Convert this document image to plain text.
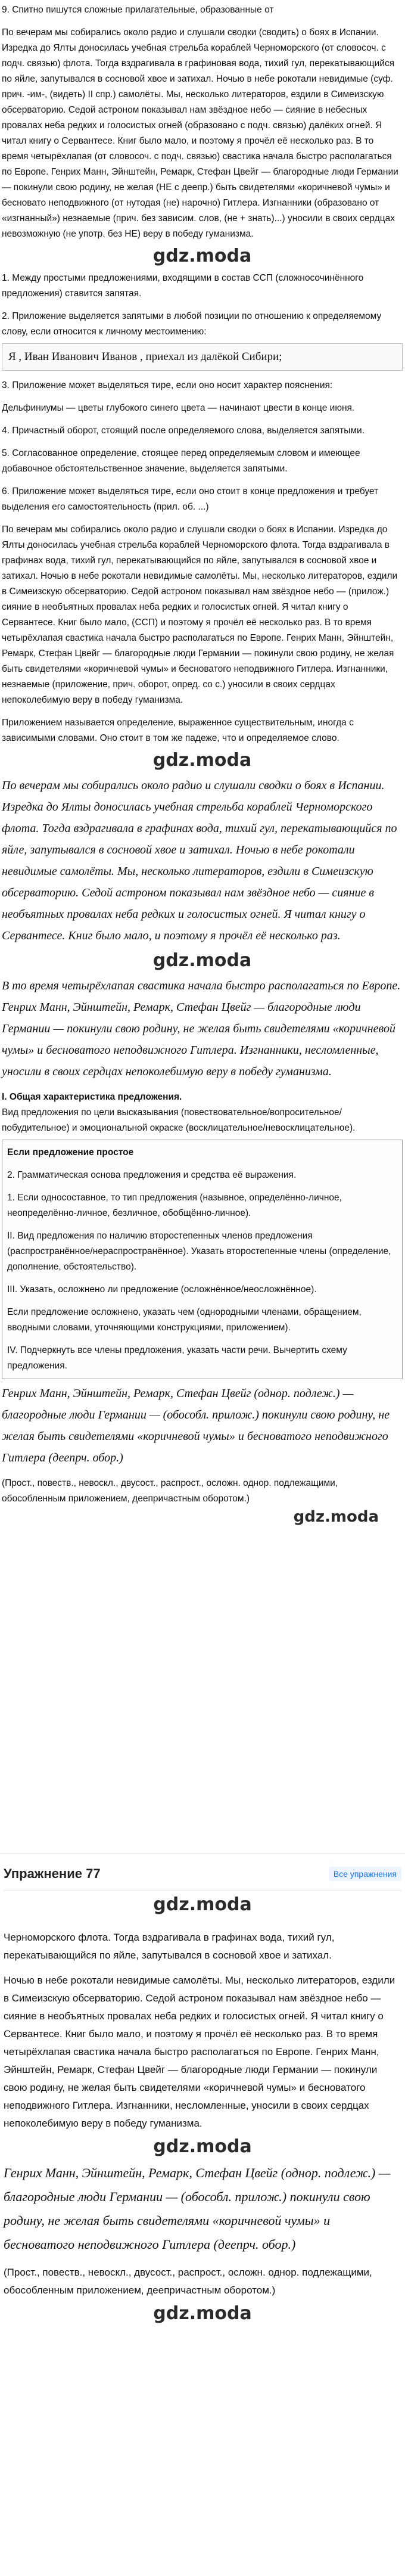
9. Спитно пишутся сложные прилагательные, образованные от

По вечерам мы собирались около радио и слушали сводки (сводить) о боях в Испании. Изредка до Ялты доносилась учебная стрельба кораблей Черноморского (от словосоч. с подч. связью) флота. Тогда вздрагивала в графиновая вода, тихий гул, перекатывающийся по яйле, запутывался в сосновой хвое и затихал. Ночью в небе рокотали невидимые (суф. прич. -им-, (видеть) II спр.) самолёты. Мы, несколько литераторов, ездили в Симеизскую обсерваторию. Седой астроном показывал нам звёздное небо — сияние в небесных провалах неба редких и голосистых огней (образовано с подч. связью) далёких огней. Я читал книгу о Сервантесе. Книг было мало, и поэтому я прочёл её несколько раз. В то время четырёхлапая (от словосоч. с подч. связью) свастика начала быстро располагаться по Европе. Генрих Манн, Эйнштейн, Ремарк, Стефан Цвейг — благородные люди Германии — покинули свою родину, не желая (НЕ с деепр.) быть свидетелями «коричневой чумы» и бесновато неподвижного (от нутодая (не) нарочно) Гитлера. Изгнанники (образовано от «изгнанный») незнаемые (прич. без зависим. слов, (не + знать)...) уносили в своих сердцах невозможную (не употр. без НЕ) веру в победу гуманизма.

gdz.moda

1. Между простыми предложениями, входящими в состав ССП (сложносочинённого предложения) ставится запятая.

2. Приложение выделяется запятыми в любой позиции по отношению к определяемому слову, если относится к личному местоимению:

Я , Иван Иванович Иванов , приехал из далёкой Сибири;

3. Приложение может выделяться тире, если оно носит характер пояснения:

Дельфиниумы — цветы глубокого синего цвета — начинают цвести в конце июня.

4. Причастный оборот, стоящий после определяемого слова, выделяется запятыми.

5. Согласованное определение, стоящее перед определяемым словом и имеющее добавочное обстоятельственное значение, выделяется запятыми.

6. Приложение может выделяться тире, если оно стоит в конце предложения и требует выделения его самостоятельность (прил. об. ...)

По вечерам мы собирались около радио и слушали сводки о боях в Испании. Изредка до Ялты доносилась учебная стрельба кораблей Черноморского флота. Тогда вздрагивала в графинах вода, тихий гул, перекатывающийся по яйле, запутывался в сосновой хвое и затихал. Ночью в небе рокотали невидимые самолёты. Мы, несколько литераторов, ездили в Симеизскую обсерваторию. Седой астроном показывал нам звёздное небо — (прилож.) сияние в необъятных провалах неба редких и голосистых огней. Я читал книгу о Сервантесе. Книг было мало, (ССП) и поэтому я прочёл её несколько раз. В то время четырёхлапая свастика начала быстро располагаться по Европе. Генрих Манн, Эйнштейн, Ремарк, Стефан Цвейг — благородные люди Германии — покинули свою родину, не желая быть свидетелями «коричневой чумы» и бесноватого неподвижного Гитлера. Изгнанники, незнаемые (приложение, прич. оборот, опред. со с.) уносили в своих сердцах непоколебимую веру в победу гуманизма.

Приложением называется определение, выраженное существительным, иногда с зависимыми словами. Оно стоит в том же падеже, что и определяемое слово.

gdz.moda

По вечерам мы собирались около радио и слушали сводки о боях в Испании. Изредка до Ялты доносилась учебная стрельба кораблей Черноморского флота. Тогда вздрагивала в графинах вода, тихий гул, перекатывающийся по яйле, запутывался в сосновой хвое и затихал. Ночью в небе рокотали невидимые самолёты. Мы, несколько литераторов, ездили в Симеизскую обсерваторию. Седой астроном показывал нам звёздное небо — сияние в необъятных провалах неба редких и голосистых огней. Я читал книгу о Сервантесе. Книг было мало, и поэтому я прочёл её несколько раз.

gdz.moda

В то время четырёхлапая свастика начала быстро располагаться по Европе. Генрих Манн, Эйнштейн, Ремарк, Стефан Цвейг — благородные люди Германии — покинули свою родину, не желая быть свидетелями «коричневой чумы» и бесноватого неподвижного Гитлера. Изгнанники, несломленные, уносили в своих сердцах непоколебимую веру в победу гуманизма.

I. Общая характеристика предложения.

Вид предложения по цели высказывания (повествовательное/вопросительное/побудительное) и эмоциональной окраске (восклицательное/невосклицательное).

Если предложение простое

2. Грамматическая основа предложения и средства её выражения.

1. Если односоставное, то тип предложения (назывное, определённо-личное, неопределённо-личное, безличное, обобщённо-личное).

II. Вид предложения по наличию второстепенных членов предложения (распространённое/нераспространённое). Указать второстепенные члены (определение, дополнение, обстоятельство).

III. Указать, осложнено ли предложение (осложнённое/неосложнённое).

Если предложение осложнено, указать чем (однородными членами, обращением, вводными словами, уточняющими конструкциями, приложением).

IV. Подчеркнуть все члены предложения, указать части речи. Вычертить схему предложения.

Генрих Манн, Эйнштейн, Ремарк, Стефан Цвейг (однор. подлеж.) — благородные люди Германии — (обособл. прилож.) покинули свою родину, не желая быть свидетелями «коричневой чумы» и бесноватого неподвижного Гитлера (деепрч. обор.)

(Прост., повеств., невоскл., двусост., распрост., осложн. однор. подлежащими, обособленным приложением, деепричастным оборотом.)

gdz.moda
Упражнение 77	Все упражнения
gdz.moda

Черноморского флота. Тогда вздрагивала в графинах вода, тихий гул, перекатывающийся по яйле, запутывался в сосновой хвое и затихал.

Ночью в небе рокотали невидимые самолёты. Мы, несколько литераторов, ездили в Симеизскую обсерваторию. Седой астроном показывал нам звёздное небо — сияние в необъятных провалах неба редких и голосистых огней. Я читал книгу о Сервантесе. Книг было мало, и поэтому я прочёл её несколько раз. В то время четырёхлапая свастика начала быстро располагаться по Европе. Генрих Манн, Эйнштейн, Ремарк, Стефан Цвейг — благородные люди Германии — покинули свою родину, не желая быть свидетелями «коричневой чумы» и бесноватого неподвижного Гитлера. Изгнанники, несломленные, уносили в своих сердцах непоколебимую веру в победу гуманизма.

gdz.moda

Генрих Манн, Эйнштейн, Ремарк, Стефан Цвейг (однор. подлеж.) — благородные люди Германии — (обособл. прилож.) покинули свою родину, не желая быть свидетелями «коричневой чумы» и бесноватого неподвижного Гитлера (деепрч. обор.)

(Прост., повеств., невоскл., двусост., распрост., осложн. однор. подлежащими, обособленным приложением, деепричастным оборотом.)

gdz.moda
